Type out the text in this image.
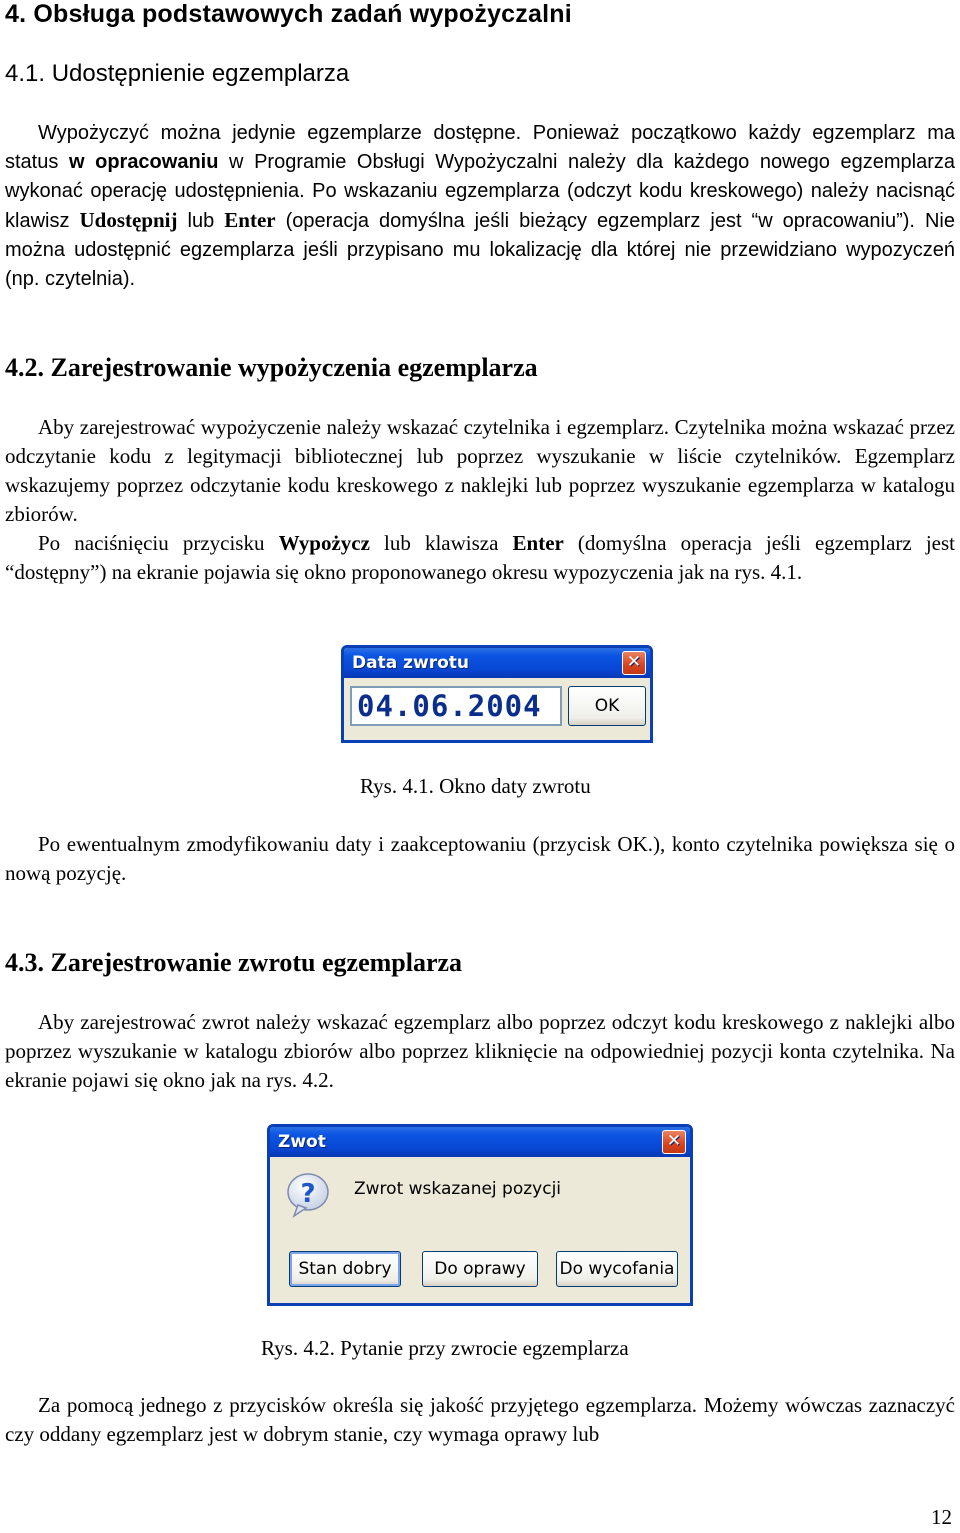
4. Obsługa podstawowych zadań wypożyczalni
4.1. Udostępnienie egzemplarza

Wypożyczyć można jedynie egzemplarze dostępne. Ponieważ początkowo każdy egzemplarz ma status w opracowaniu w Programie Obsługi Wypożyczalni należy dla każdego nowego egzemplarza wykonać operację udostępnienia. Po wskazaniu egzemplarza (odczyt kodu kreskowego) należy nacisnąć klawisz Udostępnij lub Enter (operacja domyślna jeśli bieżący egzemplarz jest “w opracowaniu”). Nie można udostępnić egzemplarza jeśli przypisano mu lokalizację dla której nie przewidziano wypozyczeń (np. czytelnia).

4.2. Zarejestrowanie wypożyczenia egzemplarza

Aby zarejestrować wypożyczenie należy wskazać czytelnika i egzemplarz. Czytelnika można wskazać przez odczytanie kodu z legitymacji bibliotecznej lub poprzez wyszukanie w liście czytelników. Egzemplarz wskazujemy poprzez odczytanie kodu kreskowego z naklejki lub poprzez wyszukanie egzemplarza w katalogu zbiorów.

Po naciśnięciu przycisku Wypożycz lub klawisza Enter (domyślna operacja jeśli egzemplarz jest “dostępny”) na ekranie pojawia się okno proponowanego okresu wypozyczenia jak na rys. 4.1.

Data zwrotu	✕
04.06.2004	OK

Rys. 4.1. Okno daty zwrotu

Po ewentualnym zmodyfikowaniu daty i zaakceptowaniu (przycisk OK.), konto czytelnika powiększa się o nową pozycję.

4.3. Zarejestrowanie zwrotu egzemplarza

Aby zarejestrować zwrot należy wskazać egzemplarz albo poprzez odczyt kodu kreskowego z naklejki albo poprzez wyszukanie w katalogu zbiorów albo poprzez kliknięcie na odpowiedniej pozycji konta czytelnika. Na ekranie pojawi się okno jak na rys. 4.2.

Zwot	✕
? Zwrot wskazanej pozycji
Stan dobry	Do oprawy	Do wycofania

Rys. 4.2. Pytanie przy zwrocie egzemplarza

Za pomocą jednego z przycisków określa się jakość przyjętego egzemplarza. Możemy wówczas zaznaczyć czy oddany egzemplarz jest w dobrym stanie, czy wymaga oprawy lub

12
